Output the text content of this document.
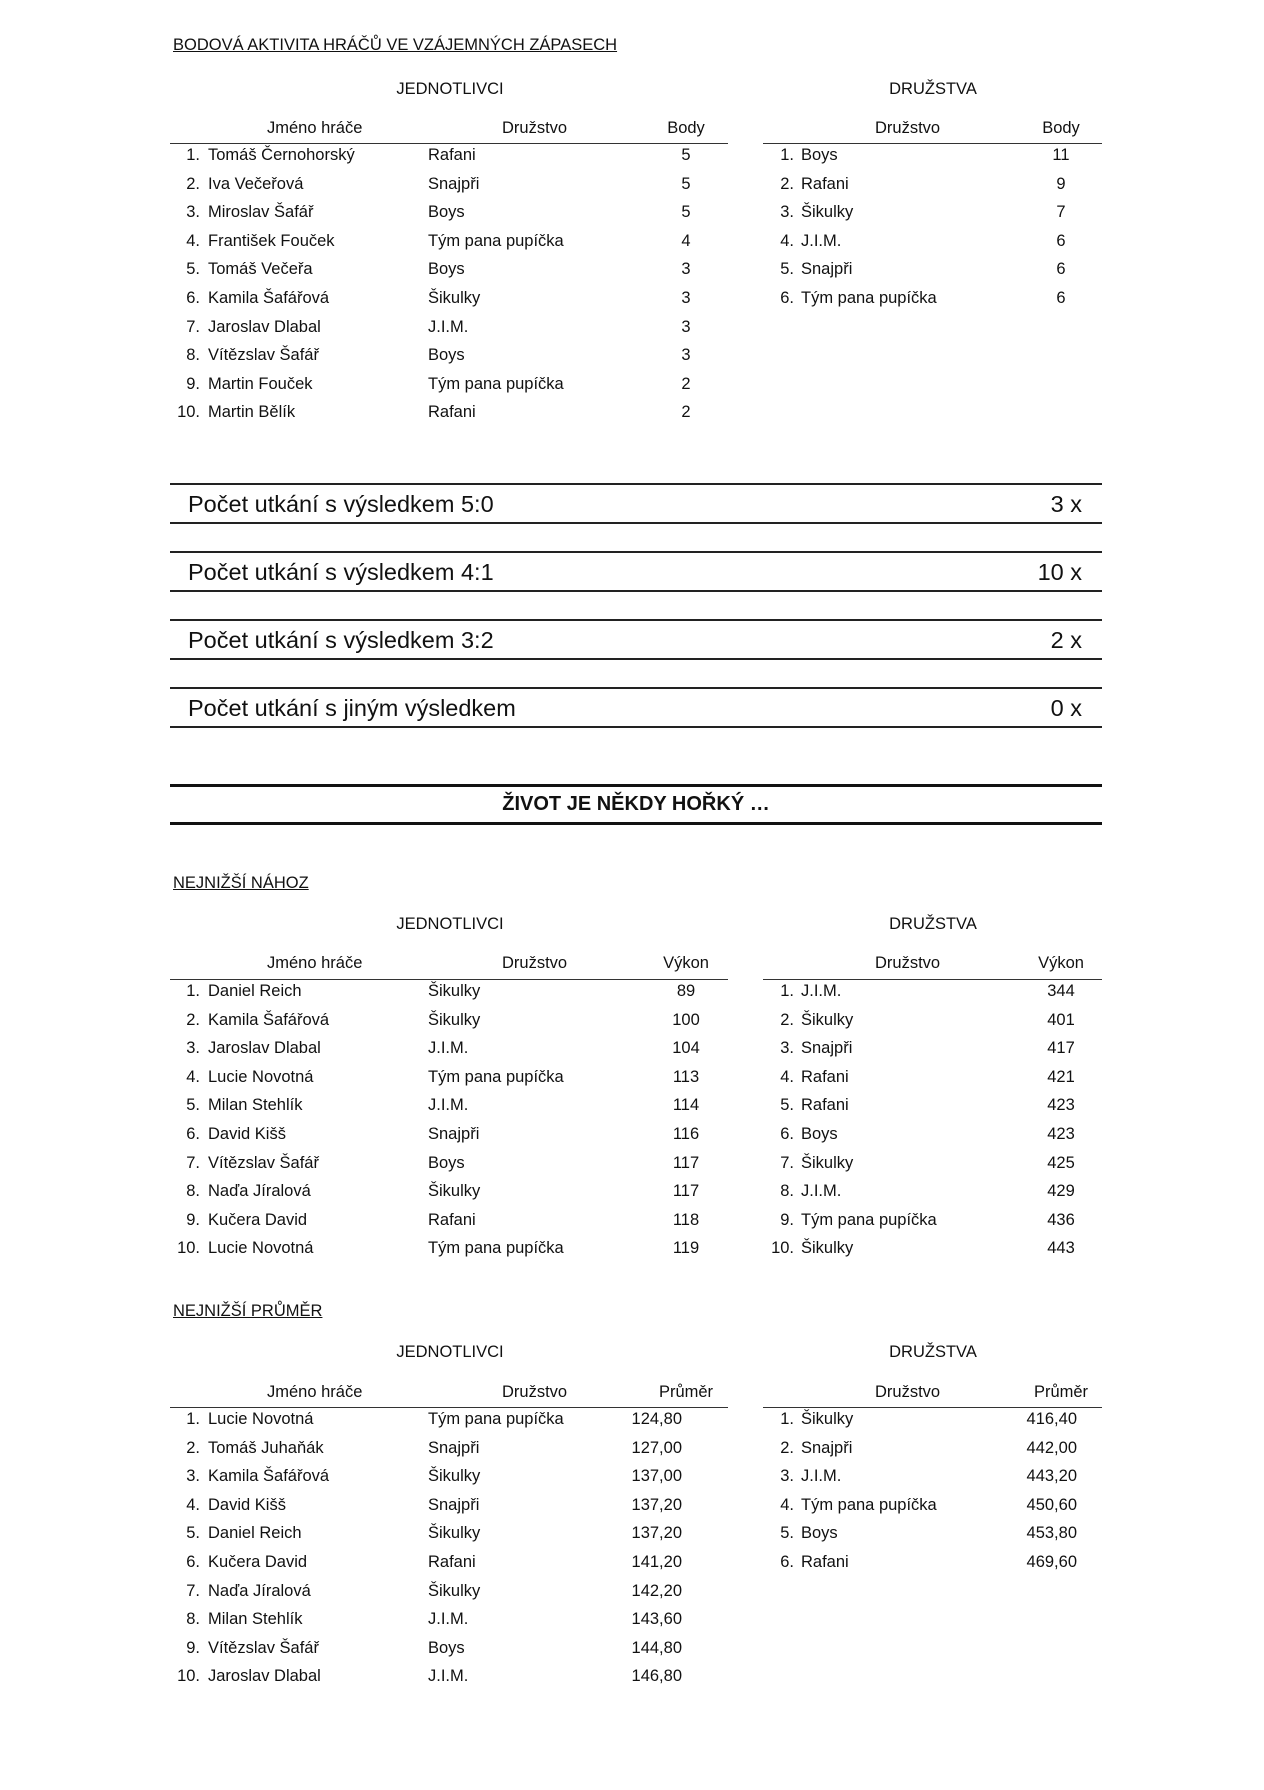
BODOVÁ AKTIVITA HRÁČŮ VE VZÁJEMNÝCH ZÁPASECH
JEDNOTLIVCI	DRUŽSTVA
Jméno hráče	Družstvo	Body	Družstvo	Body
1. Tomáš Černohorský	Rafani	5
2. Iva Večeřová	Snajpři	5
3. Miroslav Šafář	Boys	5
4. František Fouček	Tým pana pupíčka	4
5. Tomáš Večeřa	Boys	3
6. Kamila Šafářová	Šikulky	3
7. Jaroslav Dlabal	J.I.M.	3
8. Vítězslav Šafář	Boys	3
9. Martin Fouček	Tým pana pupíčka	2
10. Martin Bělík	Rafani	2
1. Boys	11
2. Rafani	9
3. Šikulky	7
4. J.I.M.	6
5. Snajpři	6
6. Tým pana pupíčka	6
NEJNIŽŠÍ NÁHOZ
JEDNOTLIVCI	DRUŽSTVA
Jméno hráče	Družstvo	Výkon	Družstvo	Výkon
1. Daniel Reich	Šikulky	89
2. Kamila Šafářová	Šikulky	100
3. Jaroslav Dlabal	J.I.M.	104
4. Lucie Novotná	Tým pana pupíčka	113
5. Milan Stehlík	J.I.M.	114
6. David Kišš	Snajpři	116
7. Vítězslav Šafář	Boys	117
8. Naďa Jíralová	Šikulky	117
9. Kučera David	Rafani	118
10. Lucie Novotná	Tým pana pupíčka	119
1. J.I.M.	344
2. Šikulky	401
3. Snajpři	417
4. Rafani	421
5. Rafani	423
6. Boys	423
7. Šikulky	425
8. J.I.M.	429
9. Tým pana pupíčka	436
10. Šikulky	443
NEJNIŽŠÍ PRŮMĚR
JEDNOTLIVCI	DRUŽSTVA
Jméno hráče	Družstvo	Průměr	Družstvo	Průměr
1. Lucie Novotná	Tým pana pupíčka	124,80
2. Tomáš Juhaňák	Snajpři	127,00
3. Kamila Šafářová	Šikulky	137,00
4. David Kišš	Snajpři	137,20
5. Daniel Reich	Šikulky	137,20
6. Kučera David	Rafani	141,20
7. Naďa Jíralová	Šikulky	142,20
8. Milan Stehlík	J.I.M.	143,60
9. Vítězslav Šafář	Boys	144,80
10. Jaroslav Dlabal	J.I.M.	146,80
1. Šikulky	416,40
2. Snajpři	442,00
3. J.I.M.	443,20
4. Tým pana pupíčka	450,60
5. Boys	453,80
6. Rafani	469,60
Počet utkání s výsledkem 5:0	3 x
Počet utkání s výsledkem 4:1	10 x
Počet utkání s výsledkem 3:2	2 x
Počet utkání s jiným výsledkem	0 x
ŽIVOT JE NĚKDY HOŘKÝ …
